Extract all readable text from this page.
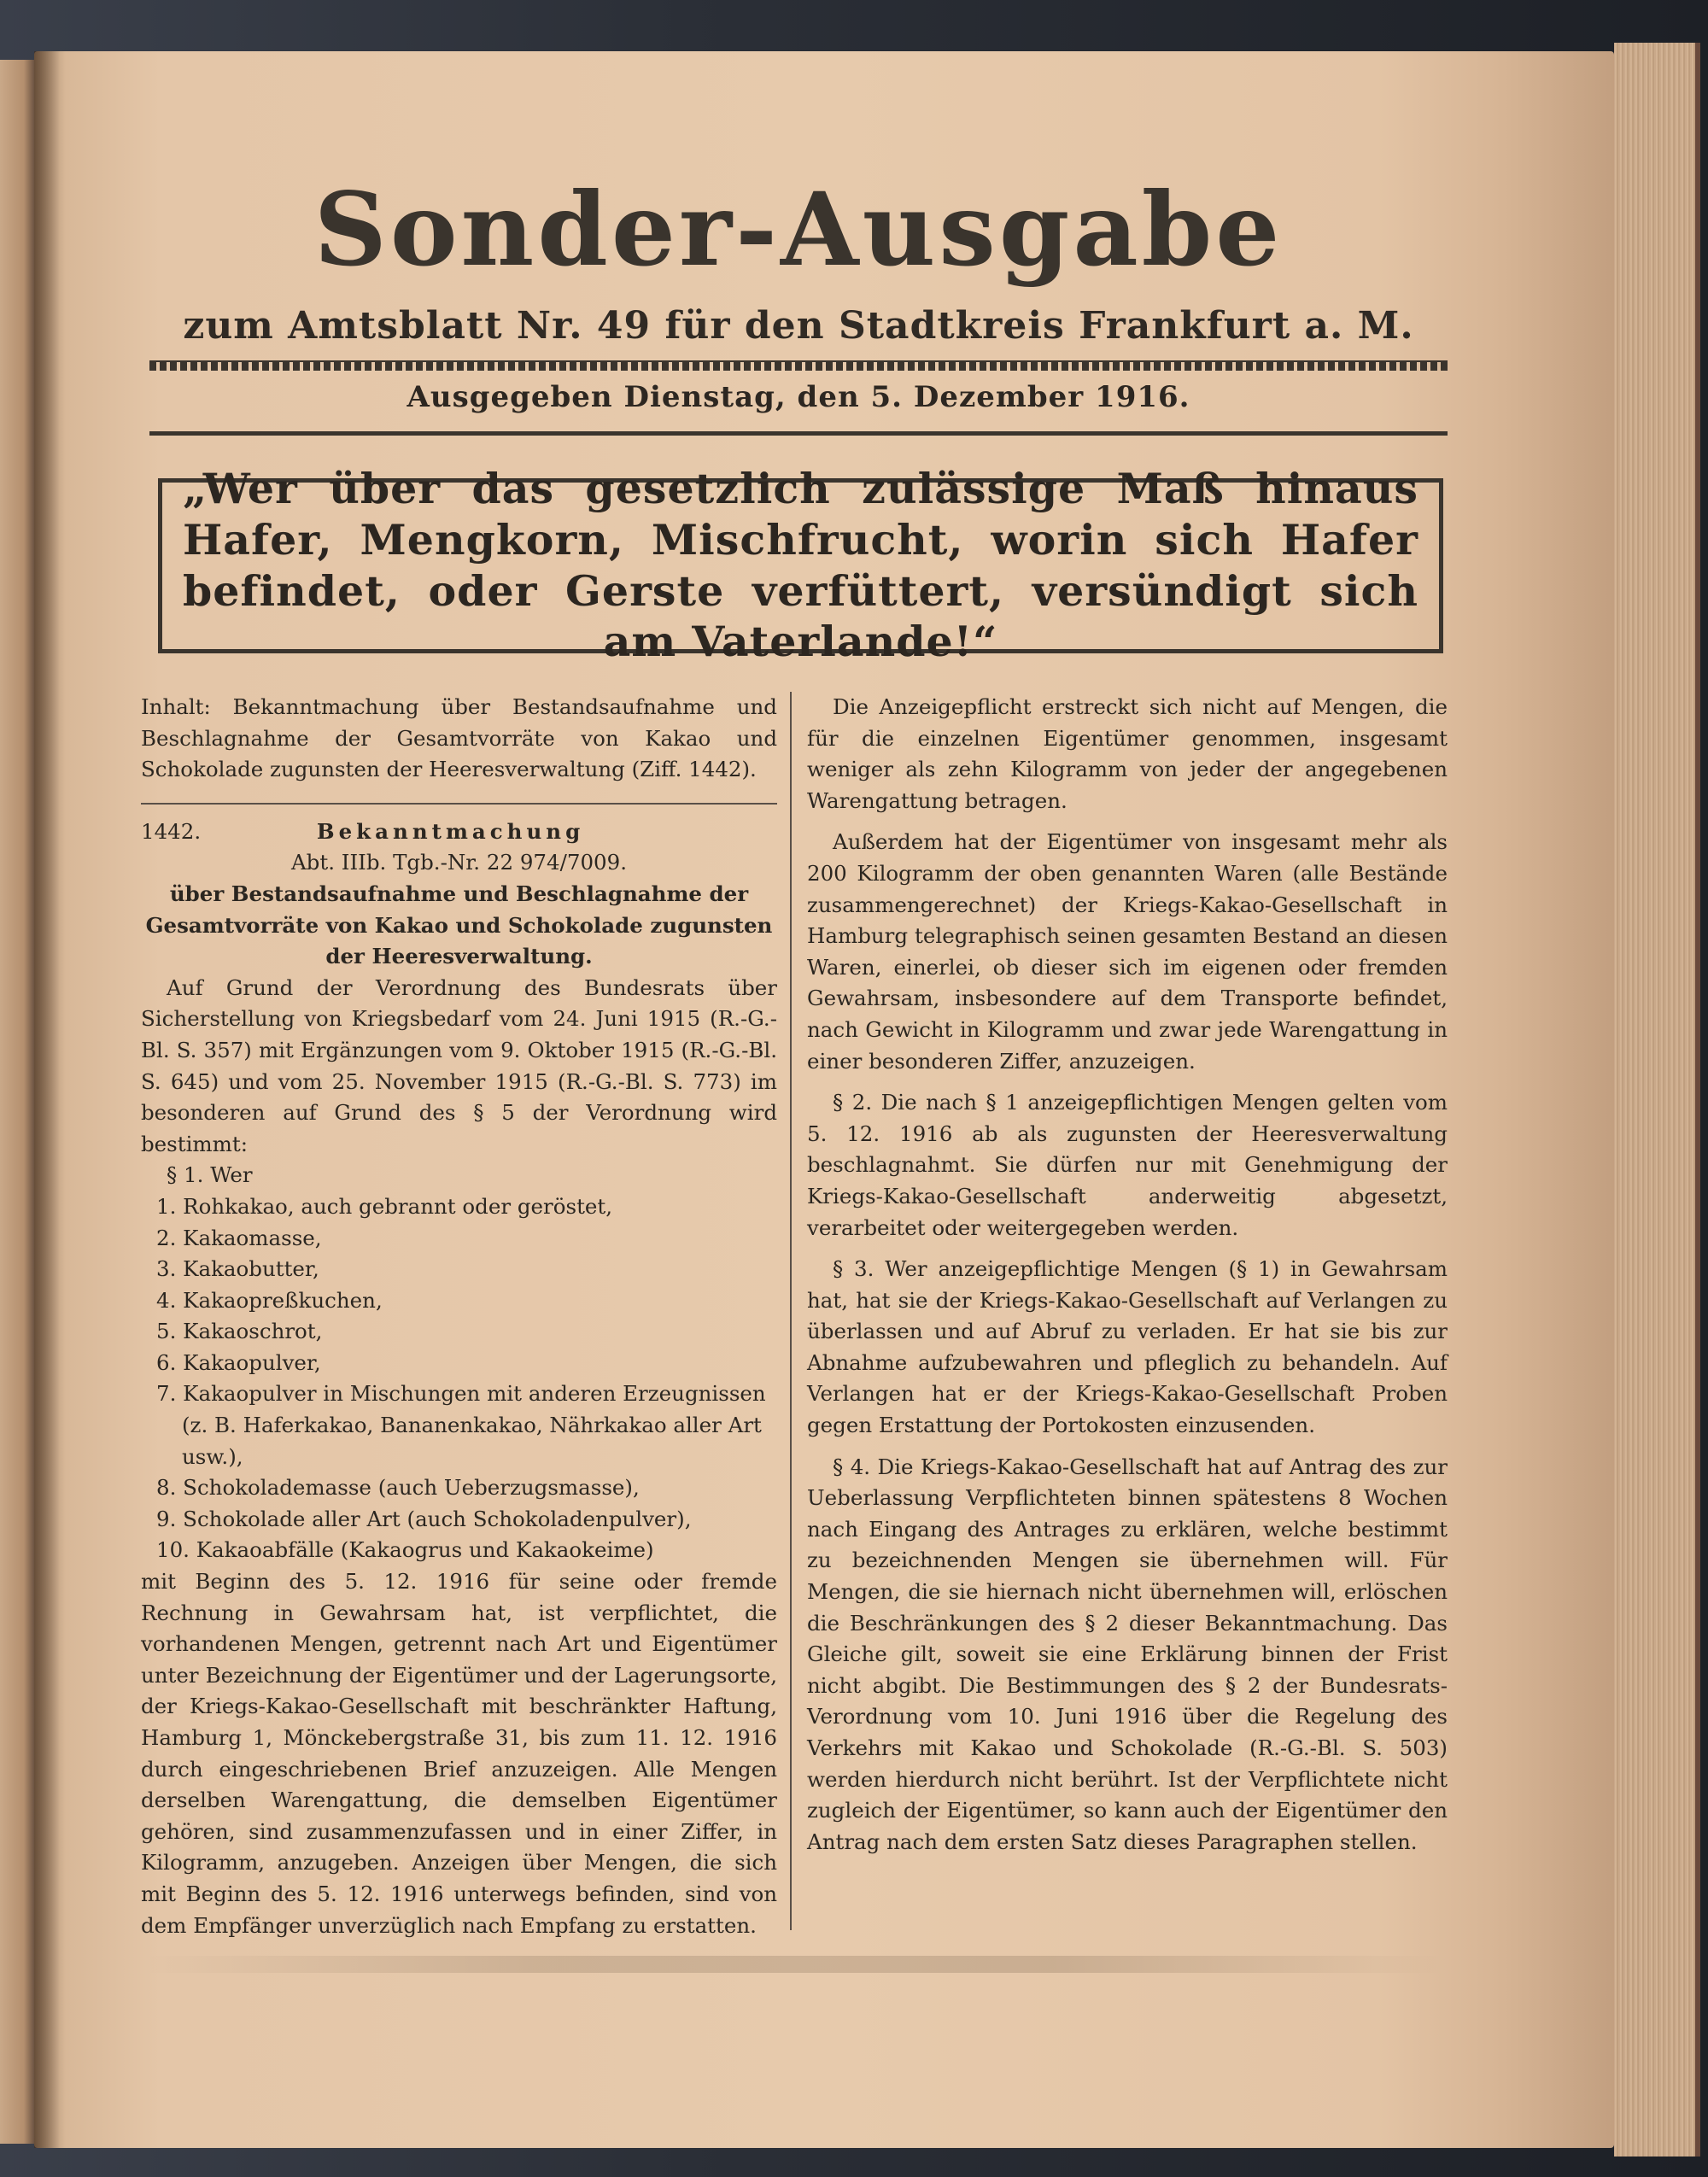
Sonder-Ausgabe
zum Amtsblatt Nr. 49 für den Stadtkreis Frankfurt a. M.
Ausgegeben Dienstag, den 5. Dezember 1916.
„Wer über das gesetzlich zulässige Maß hinaus Hafer, Mengkorn, Mischfrucht, worin sich Hafer befindet, oder Gerste verfüttert, versündigt sich am Vaterlande!“

Inhalt: Bekanntmachung über Bestandsaufnahme und Beschlagnahme der Gesamtvorräte von Kakao und Schokolade zugunsten der Heeresverwaltung (Ziff. 1442).

1442.	Bekanntmachung

Abt. IIIb. Tgb.-Nr. 22 974/7009.

über Bestandsaufnahme und Beschlagnahme der Gesamtvorräte von Kakao und Schokolade zugunsten der Heeresverwaltung.

Auf Grund der Verordnung des Bundesrats über Sicherstellung von Kriegsbedarf vom 24. Juni 1915 (R.-G.-Bl. S. 357) mit Ergänzungen vom 9. Oktober 1915 (R.-G.-Bl. S. 645) und vom 25. November 1915 (R.-G.-Bl. S. 773) im besonderen auf Grund des § 5 der Verordnung wird bestimmt:

§ 1. Wer

1. Rohkakao, auch gebrannt oder geröstet,

2. Kakaomasse,

3. Kakaobutter,

4. Kakaopreßkuchen,

5. Kakaoschrot,

6. Kakaopulver,

7. Kakaopulver in Mischungen mit anderen Erzeugnissen (z. B. Haferkakao, Bananenkakao, Nährkakao aller Art usw.),

8. Schokolademasse (auch Ueberzugsmasse),

9. Schokolade aller Art (auch Schokoladenpulver),

10. Kakaoabfälle (Kakaogrus und Kakaokeime)

mit Beginn des 5. 12. 1916 für seine oder fremde Rechnung in Gewahrsam hat, ist verpflichtet, die vorhandenen Mengen, getrennt nach Art und Eigentümer unter Bezeichnung der Eigentümer und der Lagerungsorte, der Kriegs-Kakao-Gesellschaft mit beschränkter Haftung, Hamburg 1, Mönckebergstraße 31, bis zum 11. 12. 1916 durch eingeschriebenen Brief anzuzeigen. Alle Mengen derselben Warengattung, die demselben Eigentümer gehören, sind zusammenzufassen und in einer Ziffer, in Kilogramm, anzugeben. Anzeigen über Mengen, die sich mit Beginn des 5. 12. 1916 unterwegs befinden, sind von dem Empfänger unverzüglich nach Empfang zu erstatten.

Die Anzeigepflicht erstreckt sich nicht auf Mengen, die für die einzelnen Eigentümer genommen, insgesamt weniger als zehn Kilogramm von jeder der angegebenen Warengattung betragen.

Außerdem hat der Eigentümer von insgesamt mehr als 200 Kilogramm der oben genannten Waren (alle Bestände zusammengerechnet) der Kriegs-Kakao-Gesellschaft in Hamburg telegraphisch seinen gesamten Bestand an diesen Waren, einerlei, ob dieser sich im eigenen oder fremden Gewahrsam, insbesondere auf dem Transporte befindet, nach Gewicht in Kilogramm und zwar jede Warengattung in einer besonderen Ziffer, anzuzeigen.

§ 2. Die nach § 1 anzeigepflichtigen Mengen gelten vom 5. 12. 1916 ab als zugunsten der Heeresverwaltung beschlagnahmt. Sie dürfen nur mit Genehmigung der Kriegs-Kakao-Gesellschaft anderweitig abgesetzt, verarbeitet oder weitergegeben werden.

§ 3. Wer anzeigepflichtige Mengen (§ 1) in Gewahrsam hat, hat sie der Kriegs-Kakao-Gesellschaft auf Verlangen zu überlassen und auf Abruf zu verladen. Er hat sie bis zur Abnahme aufzubewahren und pfleglich zu behandeln. Auf Verlangen hat er der Kriegs-Kakao-Gesellschaft Proben gegen Erstattung der Portokosten einzusenden.

§ 4. Die Kriegs-Kakao-Gesellschaft hat auf Antrag des zur Ueberlassung Verpflichteten binnen spätestens 8 Wochen nach Eingang des Antrages zu erklären, welche bestimmt zu bezeichnenden Mengen sie übernehmen will. Für Mengen, die sie hiernach nicht übernehmen will, erlöschen die Beschränkungen des § 2 dieser Bekanntmachung. Das Gleiche gilt, soweit sie eine Erklärung binnen der Frist nicht abgibt. Die Bestimmungen des § 2 der Bundesrats-Verordnung vom 10. Juni 1916 über die Regelung des Verkehrs mit Kakao und Schokolade (R.-G.-Bl. S. 503) werden hierdurch nicht berührt. Ist der Verpflichtete nicht zugleich der Eigentümer, so kann auch der Eigentümer den Antrag nach dem ersten Satz dieses Paragraphen stellen.
